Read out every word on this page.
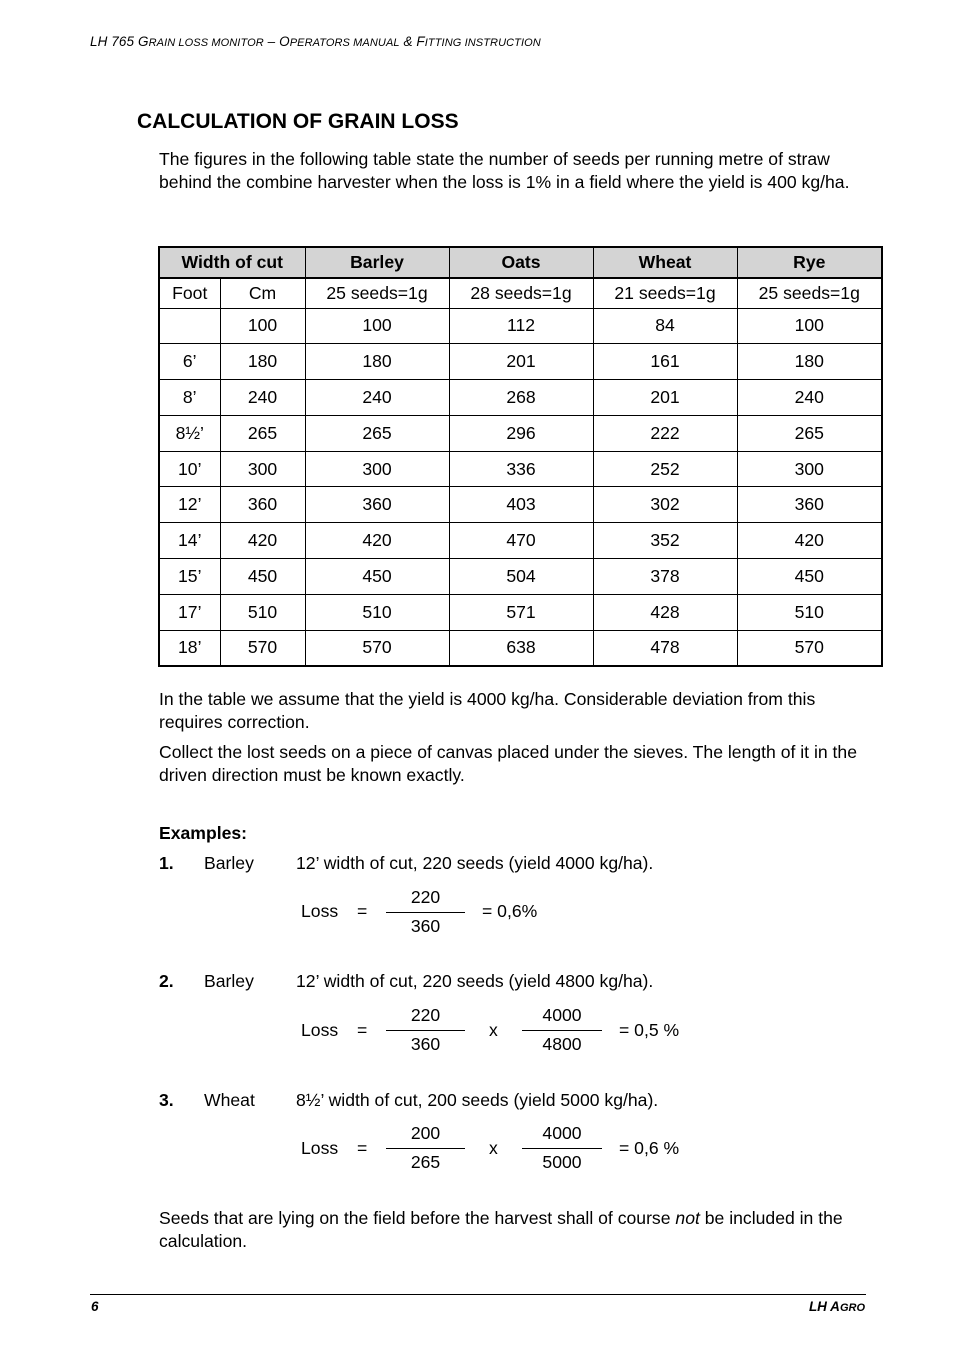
LH 765 GRAIN LOSS MONITOR – OPERATORS MANUAL & FITTING INSTRUCTION
CALCULATION OF GRAIN LOSS

The figures in the following table state the number of seeds per running metre of straw behind the combine harvester when the loss is 1% in a field where the yield is 400 kg/ha.

Width of cut		Barley	Oats	Wheat	Rye
Foot	Cm	25 seeds=1g	28 seeds=1g	21 seeds=1g	25 seeds=1g
	100	100	112	84	100
6’	180	180	201	161	180
8’	240	240	268	201	240
8½’	265	265	296	222	265
10’	300	300	336	252	300
12’	360	360	403	302	360
14’	420	420	470	352	420
15’	450	450	504	378	450
17’	510	510	571	428	510
18’	570	570	638	478	570

In the table we assume that the yield is 4000 kg/ha. Considerable deviation from this requires correction.

Collect the lost seeds on a piece of canvas placed under the sieves. The length of it in the driven direction must be known exactly.

Examples:
1. Barley 12’ width of cut, 220 seeds (yield 4000 kg/ha).
Loss =
220
360
= 0,6%
2. Barley 12’ width of cut, 220 seeds (yield 4800 kg/ha).
Loss =
220
360
x
4000
4800
= 0,5 %
3. Wheat 8½’ width of cut, 200 seeds (yield 5000 kg/ha).
Loss =
200
265
x
4000
5000
= 0,6 %

Seeds that are lying on the field before the harvest shall of course not be included in the calculation.

6	LH AGRO
